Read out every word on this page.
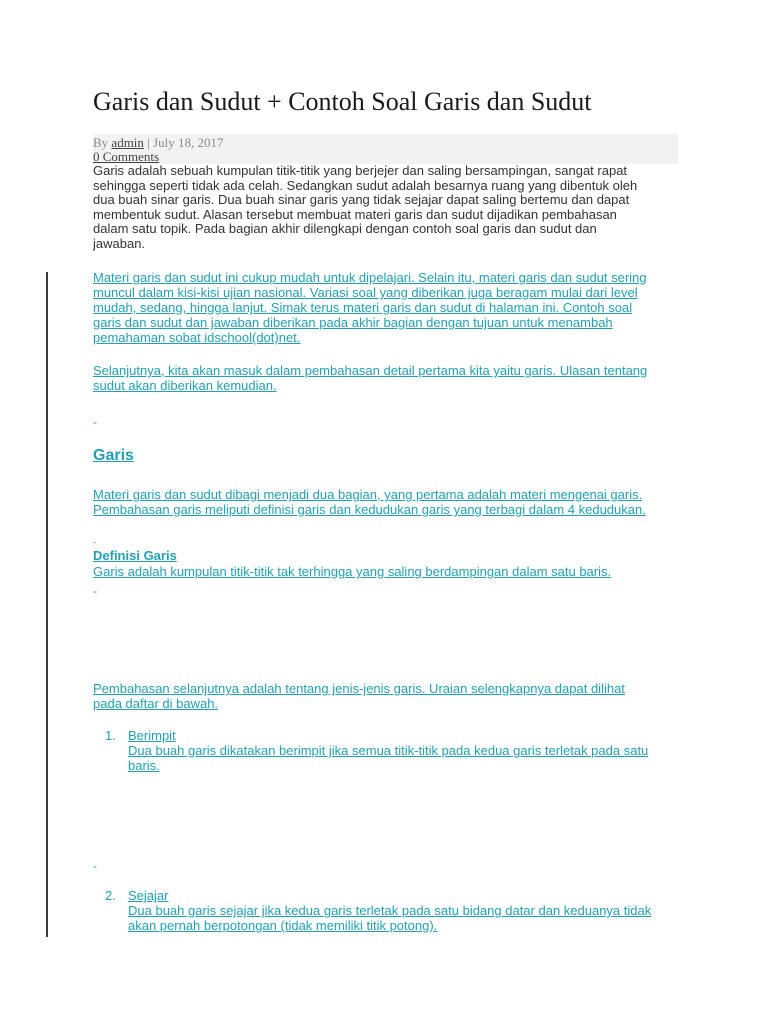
Garis dan Sudut + Contoh Soal Garis dan Sudut
By admin | July 18, 2017
0 Comments
Garis adalah sebuah kumpulan titik-titik yang berjejer dan saling bersampingan, sangat rapat
sehingga seperti tidak ada celah. Sedangkan sudut adalah besarnya ruang yang dibentuk oleh
dua buah sinar garis. Dua buah sinar garis yang tidak sejajar dapat saling bertemu dan dapat
membentuk sudut. Alasan tersebut membuat materi garis dan sudut dijadikan pembahasan
dalam satu topik. Pada bagian akhir dilengkapi dengan contoh soal garis dan sudut dan
jawaban.
Materi garis dan sudut ini cukup mudah untuk dipelajari. Selain itu, materi garis dan sudut sering
muncul dalam kisi-kisi ujian nasional. Variasi soal yang diberikan juga beragam mulai dari level
mudah, sedang, hingga lanjut. Simak terus materi garis dan sudut di halaman ini. Contoh soal
garis dan sudut dan jawaban diberikan pada akhir bagian dengan tujuan untuk menambah
pemahaman sobat idschool(dot)net.
Selanjutnya, kita akan masuk dalam pembahasan detail pertama kita yaitu garis. Ulasan tentang
sudut akan diberikan kemudian.
-
Garis
Materi garis dan sudut dibagi menjadi dua bagian, yang pertama adalah materi mengenai garis.
Pembahasan garis meliputi definisi garis dan kedudukan garis yang terbagi dalam 4 kedudukan.
-
Definisi Garis
Garis adalah kumpulan titik-titik tak terhingga yang saling berdampingan dalam satu baris.
-
Pembahasan selanjutnya adalah tentang jenis-jenis garis. Uraian selengkapnya dapat dilihat
pada daftar di bawah.
1. Berimpit
Dua buah garis dikatakan berimpit jika semua titik-titik pada kedua garis terletak pada satu
baris.
-
2. Sejajar
Dua buah garis sejajar jika kedua garis terletak pada satu bidang datar dan keduanya tidak
akan pernah berpotongan (tidak memiliki titik potong).
